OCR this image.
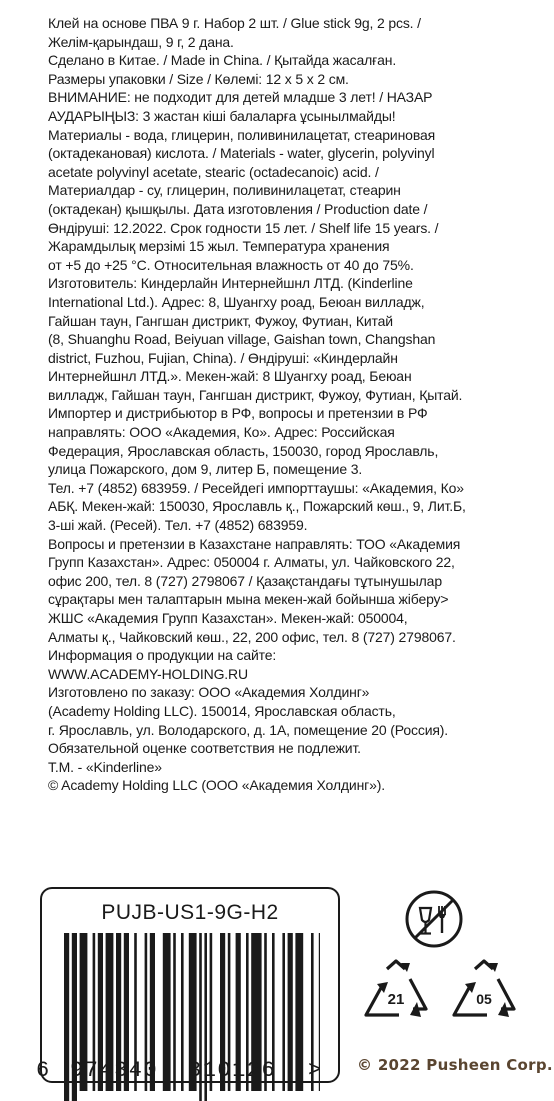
Клей на основе ПВА 9 г. Набор 2 шт. / Glue stick 9g, 2 pcs. /
Желім-қарындаш, 9 г, 2 дана.
Сделано в Китае. / Made in China. / Қытайда жасалған.
Размеры упаковки / Size / Көлемі: 12 х 5 х 2 см.
ВНИМАНИЕ: не подходит для детей младше 3 лет! / НАЗАР
АУДАРЫҢЫЗ: 3 жастан кіші балаларға ұсынылмайды!
Материалы - вода, глицерин, поливинилацетат, стеариновая
(октадекановая) кислота. / Materials - water, glycerin, polyvinyl
acetate polyvinyl acetate, stearic (octadecanoic) acid. /
Материалдар - су, глицерин, поливинилацетат, стеарин
(октадекан) қышқылы. Дата изготовления / Production date /
Өндірушi: 12.2022. Срок годности 15 лет. / Shelf life 15 years. /
Жарамдылық мерзімі 15 жыл. Температура хранения
от +5 до +25 °С. Относительная влажность от 40 до 75%.
Изготовитель: Киндерлайн Интернейшнл ЛТД. (Kinderline
International Ltd.). Адрес: 8, Шуангху роад, Беюан вилладж,
Гайшан таун, Гангшан дистрикт, Фужоу, Футиан, Китай
(8, Shuanghu Road, Beiyuan village, Gaishan town, Changshan
district, Fuzhou, Fujian, China). / Өндіруші: «Киндерлайн
Интернейшнл ЛТД.». Мекен-жай: 8 Шуангху роад, Беюан
вилладж, Гайшан таун, Гангшан дистрикт, Фужоу, Футиан, Қытай.
Импортер и дистрибьютор в РФ, вопросы и претензии в РФ
направлять: ООО «Академия, Ко». Адрес: Российская
Федерация, Ярославская область, 150030, город Ярославль,
улица Пожарского, дом 9, литер Б, помещение 3.
Тел. +7 (4852) 683959. / Ресейдегі импорттаушы: «Академия, Ко»
АБҚ. Мекен-жай: 150030, Ярославль қ., Пожарский көш., 9, Лит.Б,
3-ші жай. (Ресей). Тел. +7 (4852) 683959.
Вопросы и претензии в Казахстане направлять: ТОО «Академия
Групп Казахстан». Адрес: 050004 г. Алматы, ул. Чайковского 22,
офис 200, тел. 8 (727) 2798067 / Қазақстандағы тұтынушылар
сұрақтары мен талаптарын мына мекен-жай бойынша жіберу>
ЖШС «Академия Групп Казахстан». Мекен-жай: 050004,
Алматы қ., Чайковский көш., 22, 200 офис, тел. 8 (727) 2798067.
Информация о продукции на сайте:
WWW.ACADEMY-HOLDING.RU
Изготовлено по заказу: ООО «Академия Холдинг»
(Academy Holding LLC). 150014, Ярославская область,
г. Ярославль, ул. Володарского, д. 1А, помещение 20 (Россия).
Обязательной оценке соответствия не подлежит.
Т.М. - «Kinderline»
© Academy Holding LLC (ООО «Академия Холдинг»).
PUJB-US1-9G-H2
6 974340 310126 >
21	05
© 2022 Pusheen Corp.
